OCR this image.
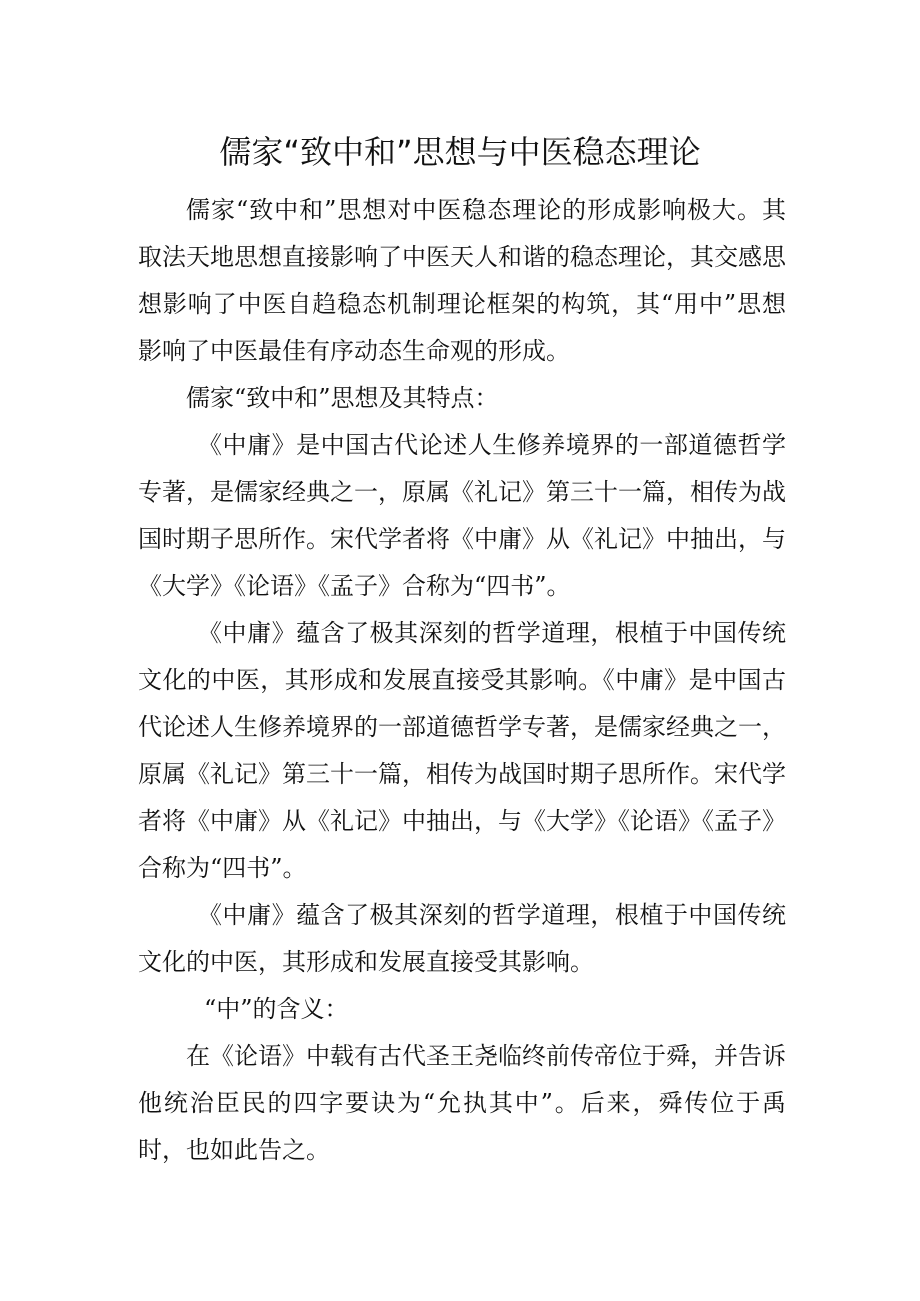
儒家“致中和”思想与中医稳态理论

儒家“致中和”思想对中医稳态理论的形成影响极大。其取法天地思想直接影响了中医天人和谐的稳态理论，其交感思想影响了中医自趋稳态机制理论框架的构筑，其“用中”思想影响了中医最佳有序动态生命观的形成。

儒家“致中和”思想及其特点：

《中庸》是中国古代论述人生修养境界的一部道德哲学专著，是儒家经典之一，原属《礼记》第三十一篇，相传为战国时期子思所作。宋代学者将《中庸》从《礼记》中抽出，与《大学》《论语》《孟子》合称为“四书”。

《中庸》蕴含了极其深刻的哲学道理，根植于中国传统文化的中医，其形成和发展直接受其影响。《中庸》是中国古代论述人生修养境界的一部道德哲学专著，是儒家经典之一，原属《礼记》第三十一篇，相传为战国时期子思所作。宋代学者将《中庸》从《礼记》中抽出，与《大学》《论语》《孟子》合称为“四书”。

《中庸》蕴含了极其深刻的哲学道理，根植于中国传统文化的中医，其形成和发展直接受其影响。

“中”的含义：

在《论语》中载有古代圣王尧临终前传帝位于舜，并告诉他统治臣民的四字要诀为“允执其中”。后来，舜传位于禹时，也如此告之。
